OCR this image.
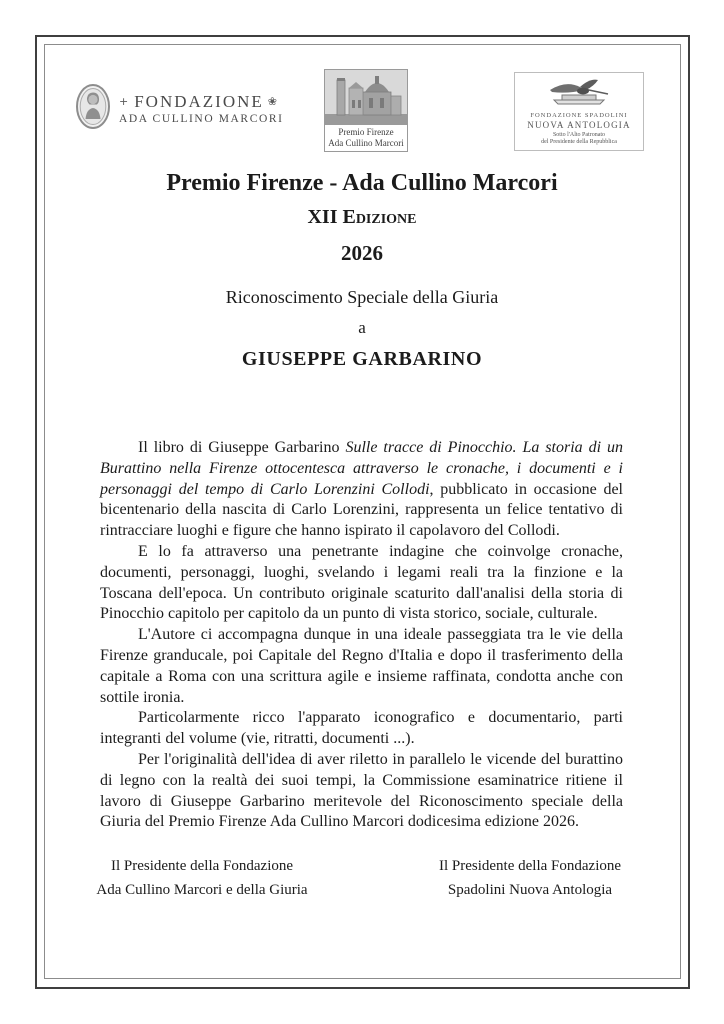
+ FONDAZIONE ❀
ADA CULLINO MARCORI
Premio Firenze
Ada Cullino Marcori
FONDAZIONE SPADOLINI
NUOVA ANTOLOGIA
Sotto l'Alto Patronato
del Presidente della Repubblica
Premio Firenze - Ada Cullino Marcori
XII Edizione
2026
Riconoscimento Speciale della Giuria
a
GIUSEPPE GARBARINO

Il libro di Giuseppe Garbarino Sulle tracce di Pinocchio. La storia di un Burattino nella Firenze ottocentesca attraverso le cronache, i documenti e i personaggi del tempo di Carlo Lorenzini Collodi, pubblicato in occasione del bicentenario della nascita di Carlo Lorenzini, rappresenta un felice tentativo di rintracciare luoghi e figure che hanno ispirato il capolavoro del Collodi.

E lo fa attraverso una penetrante indagine che coinvolge cronache, documenti, personaggi, luoghi, svelando i legami reali tra la finzione e la Toscana dell'epoca. Un contributo originale scaturito dall'analisi della storia di Pinocchio capitolo per capitolo da un punto di vista storico, sociale, culturale.

L'Autore ci accompagna dunque in una ideale passeggiata tra le vie della Firenze granducale, poi Capitale del Regno d'Italia e dopo il trasferimento della capitale a Roma con una scrittura agile e insieme raffinata, condotta anche con sottile ironia.

Particolarmente ricco l'apparato iconografico e documentario, parti integranti del volume (vie, ritratti, documenti ...).

Per l'originalità dell'idea di aver riletto in parallelo le vicende del burattino di legno con la realtà dei suoi tempi, la Commissione esaminatrice ritiene il lavoro di Giuseppe Garbarino meritevole del Riconoscimento speciale della Giuria del Premio Firenze Ada Cullino Marcori dodicesima edizione 2026.

Il Presidente della Fondazione
Ada Cullino Marcori e della Giuria
Il Presidente della Fondazione
Spadolini Nuova Antologia
